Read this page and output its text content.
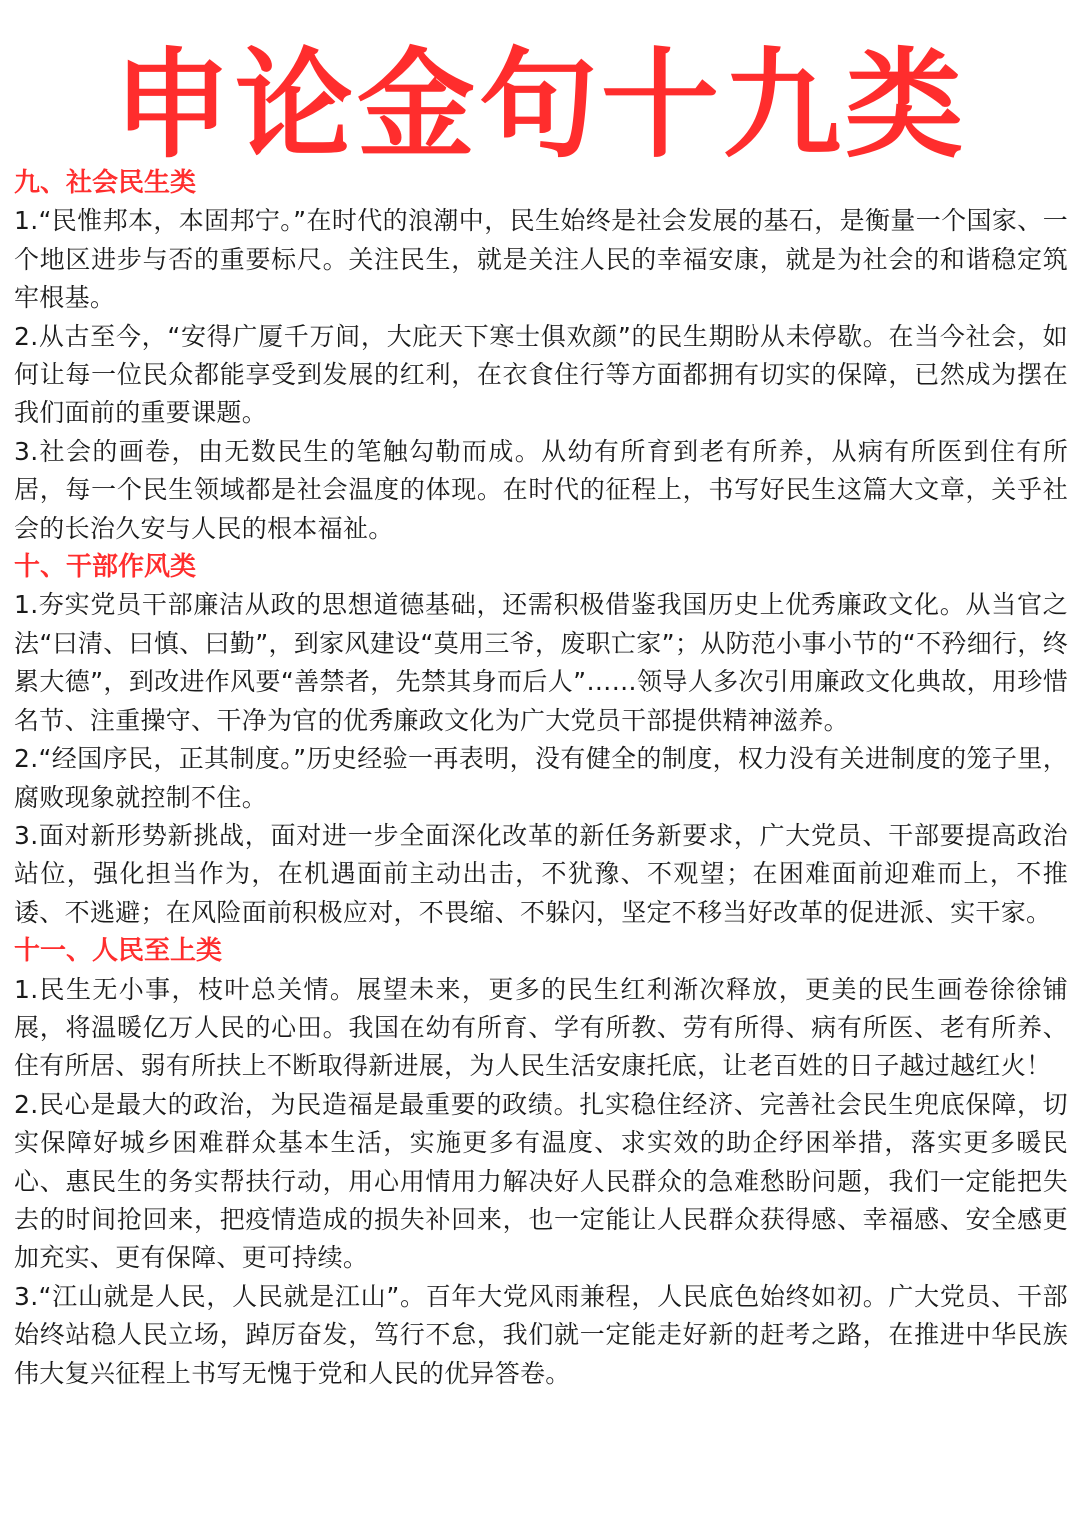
申论金句十九类
九、社会民生类

1.“民惟邦本，本固邦宁。”在时代的浪潮中，民生始终是社会发展的基石，是衡量一个国家、一个地区进步与否的重要标尺。关注民生，就是关注人民的幸福安康，就是为社会的和谐稳定筑牢根基。

2.从古至今，“安得广厦千万间，大庇天下寒士俱欢颜”的民生期盼从未停歇。在当今社会，如何让每一位民众都能享受到发展的红利，在衣食住行等方面都拥有切实的保障，已然成为摆在我们面前的重要课题。

3.社会的画卷，由无数民生的笔触勾勒而成。从幼有所育到老有所养，从病有所医到住有所居，每一个民生领域都是社会温度的体现。在时代的征程上，书写好民生这篇大文章，关乎社会的长治久安与人民的根本福祉。

十、干部作风类

1.夯实党员干部廉洁从政的思想道德基础，还需积极借鉴我国历史上优秀廉政文化。从当官之法“曰清、曰慎、曰勤”，到家风建设“莫用三爷，废职亡家”；从防范小事小节的“不矜细行，终累大德”，到改进作风要“善禁者，先禁其身而后人”……领导人多次引用廉政文化典故，用珍惜名节、注重操守、干净为官的优秀廉政文化为广大党员干部提供精神滋养。

2.“经国序民，正其制度。”历史经验一再表明，没有健全的制度，权力没有关进制度的笼子里，腐败现象就控制不住。

3.面对新形势新挑战，面对进一步全面深化改革的新任务新要求，广大党员、干部要提高政治站位，强化担当作为，在机遇面前主动出击，不犹豫、不观望；在困难面前迎难而上，不推诿、不逃避；在风险面前积极应对，不畏缩、不躲闪，坚定不移当好改革的促进派、实干家。

十一、人民至上类

1.民生无小事，枝叶总关情。展望未来，更多的民生红利渐次释放，更美的民生画卷徐徐铺展，将温暖亿万人民的心田。我国在幼有所育、学有所教、劳有所得、病有所医、老有所养、住有所居、弱有所扶上不断取得新进展，为人民生活安康托底，让老百姓的日子越过越红火！

2.民心是最大的政治，为民造福是最重要的政绩。扎实稳住经济、完善社会民生兜底保障，切实保障好城乡困难群众基本生活，实施更多有温度、求实效的助企纾困举措，落实更多暖民心、惠民生的务实帮扶行动，用心用情用力解决好人民群众的急难愁盼问题，我们一定能把失去的时间抢回来，把疫情造成的损失补回来，也一定能让人民群众获得感、幸福感、安全感更加充实、更有保障、更可持续。

3.“江山就是人民，人民就是江山”。百年大党风雨兼程，人民底色始终如初。广大党员、干部始终站稳人民立场，踔厉奋发，笃行不怠，我们就一定能走好新的赶考之路，在推进中华民族伟大复兴征程上书写无愧于党和人民的优异答卷。
